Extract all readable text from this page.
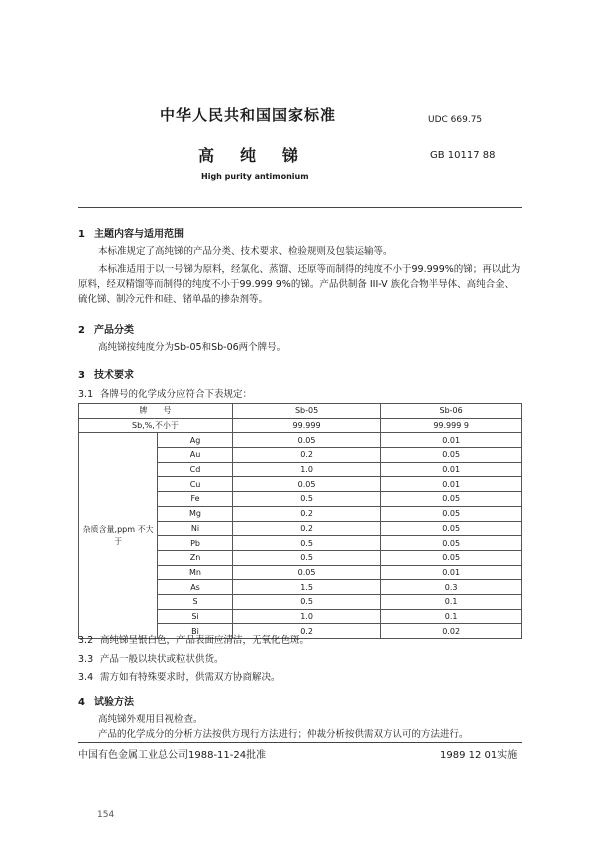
中华人民共和国国家标准	UDC 669.75
高 纯 锑	GB 10117 88
High purity antimonium
1 主题内容与适用范围
本标准规定了高纯锑的产品分类、技术要求、检验规则及包装运输等。
本标准适用于以一号锑为原料，经氯化、蒸馏、还原等而制得的纯度不小于99.999%的锑；再以此为原料，经双精馏等而制得的纯度不小于99.999 9%的锑。产品供制备 III-V 族化合物半导体、高纯合金、硫化锑、制冷元件和硅、锗单晶的掺杂剂等。
2 产品分类
高纯锑按纯度分为Sb-05和Sb-06两个牌号。
3 技术要求
3.1 各牌号的化学成分应符合下表规定：
牌　　号		Sb-05	Sb-06
Sb,%,不小于		99.999	99.999 9
杂质含量,ppm 不大于	Ag	0.05	0.01
	Au	0.2	0.05
	Cd	1.0	0.01
	Cu	0.05	0.01
	Fe	0.5	0.05
	Mg	0.2	0.05
	Ni	0.2	0.05
	Pb	0.5	0.05
	Zn	0.5	0.05
	Mn	0.05	0.01
	As	1.5	0.3
	S	0.5	0.1
	Si	1.0	0.1
	Bi	0.2	0.02
3.2 高纯锑呈银白色，产品表面应清洁，无氧化色斑。
3.3 产品一般以块状或粒状供货。
3.4 需方如有特殊要求时，供需双方协商解决。
4 试验方法
高纯锑外观用目视检查。
产品的化学成分的分析方法按供方现行方法进行；仲裁分析按供需双方认可的方法进行。
中国有色金属工业总公司1988-11-24批准	1989 12 01实施
154
